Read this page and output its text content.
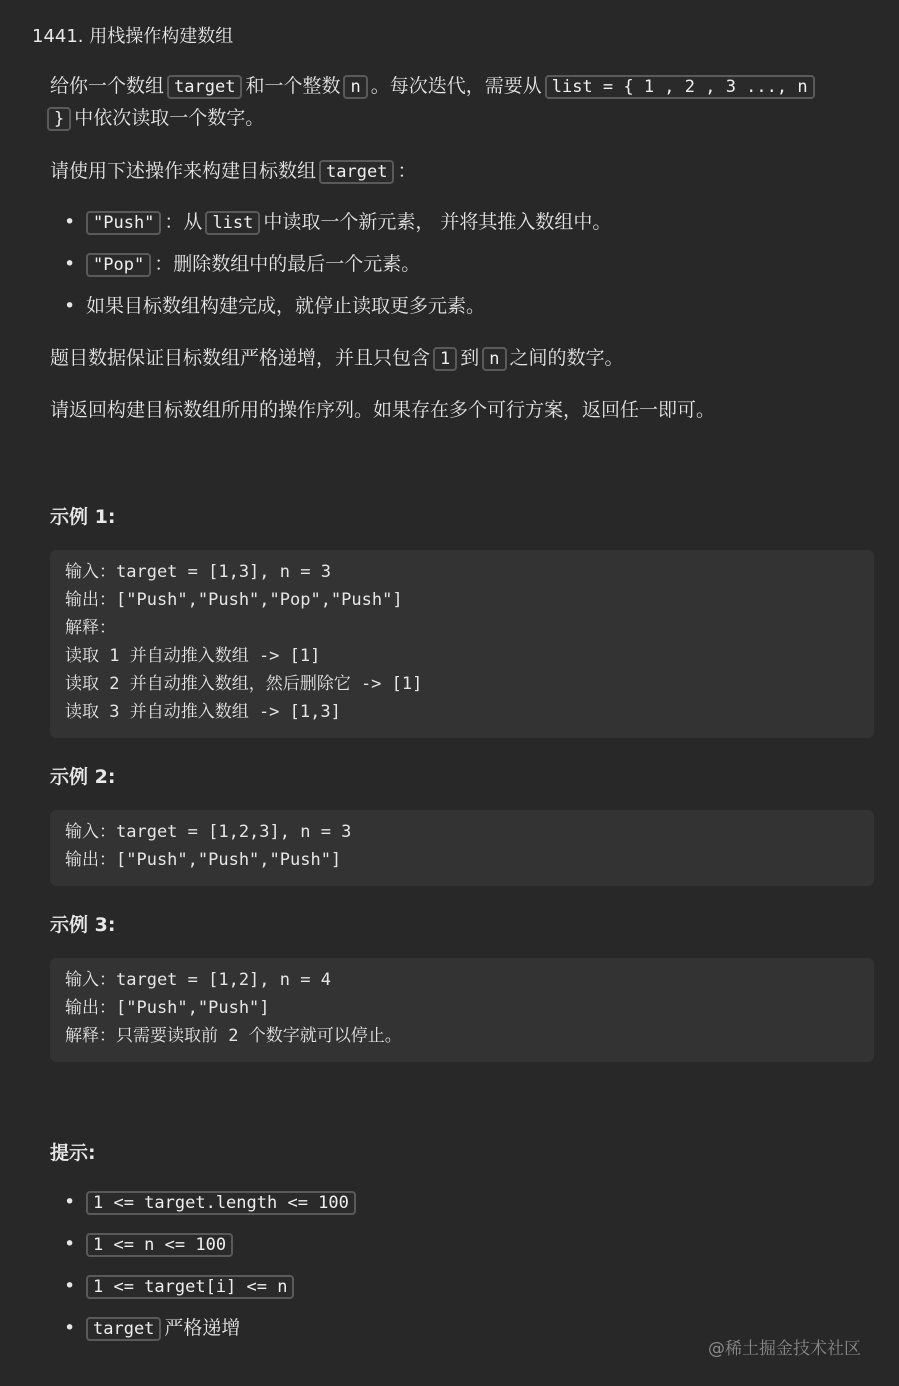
1441. 用栈操作构建数组
给你一个数组 target 和一个整数 n 。每次迭代，需要从 list = { 1 , 2 , 3 ..., n
} 中依次读取一个数字。
请使用下述操作来构建目标数组 target ：
• "Push" ：从 list 中读取一个新元素， 并将其推入数组中。
• "Pop" ：删除数组中的最后一个元素。
• 如果目标数组构建完成，就停止读取更多元素。
题目数据保证目标数组严格递增，并且只包含 1 到 n 之间的数字。
请返回构建目标数组所用的操作序列。如果存在多个可行方案，返回任一即可。
示例 1:
输入：target = [1,3], n = 3
输出：["Push","Push","Pop","Push"]
解释：
读取 1 并自动推入数组 -> [1]
读取 2 并自动推入数组，然后删除它 -> [1]
读取 3 并自动推入数组 -> [1,3]
示例 2:
输入：target = [1,2,3], n = 3
输出：["Push","Push","Push"]
示例 3:
输入：target = [1,2], n = 4
输出：["Push","Push"]
解释：只需要读取前 2 个数字就可以停止。
提示:
• 1 <= target.length <= 100
• 1 <= n <= 100
• 1 <= target[i] <= n
• target 严格递增
@稀土掘金技术社区
